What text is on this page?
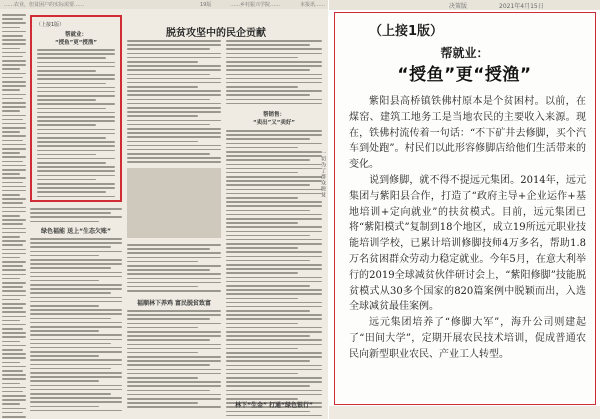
……农业，但贫困户的实际需要……	19版	……乡村振兴学院……	本报讯……
（上接1版）
帮就业：
“授鱼”更“授渔”
绿色福能 送上“生态欠账”
脱贫攻坚中的民企贡献
福顺林下养鸡 富民脱贫致富
帮销售：
“卖出”又“卖好”
林下“生金” 打通“绿色银行”
一切为了群众脱贫
决策版	2021年4月15日
（上接1版）
帮就业：
“授鱼”更“授渔”

紫阳县高桥镇铁佛村原本是个贫困村。以前，在煤窑、建筑工地务工是当地农民的主要收入来源。现在，铁佛村流传着一句话：“不下矿井去修脚，买个汽车到处跑”。村民们以此形容修脚店给他们生活带来的变化。

说到修脚，就不得不提远元集团。2014年，远元集团与紫阳县合作，打造了“政府主导+企业运作+基地培训+定向就业”的扶贫模式。目前，远元集团已将“紫阳模式”复制到18个地区，成立19所远元职业技能培训学校，已累计培训修脚技师4万多名，帮助1.8万名贫困群众劳动力稳定就业。今年5月，在意大利举行的2019全球减贫伙伴研讨会上，“紫阳修脚”技能脱贫模式从30多个国家的820篇案例中脱颖而出，入选全球减贫最佳案例。

远元集团培养了“修脚大军”，海升公司则建起了“田间大学”，定期开展农民技术培训，促成普通农民向新型职业农民、产业工人转型。
